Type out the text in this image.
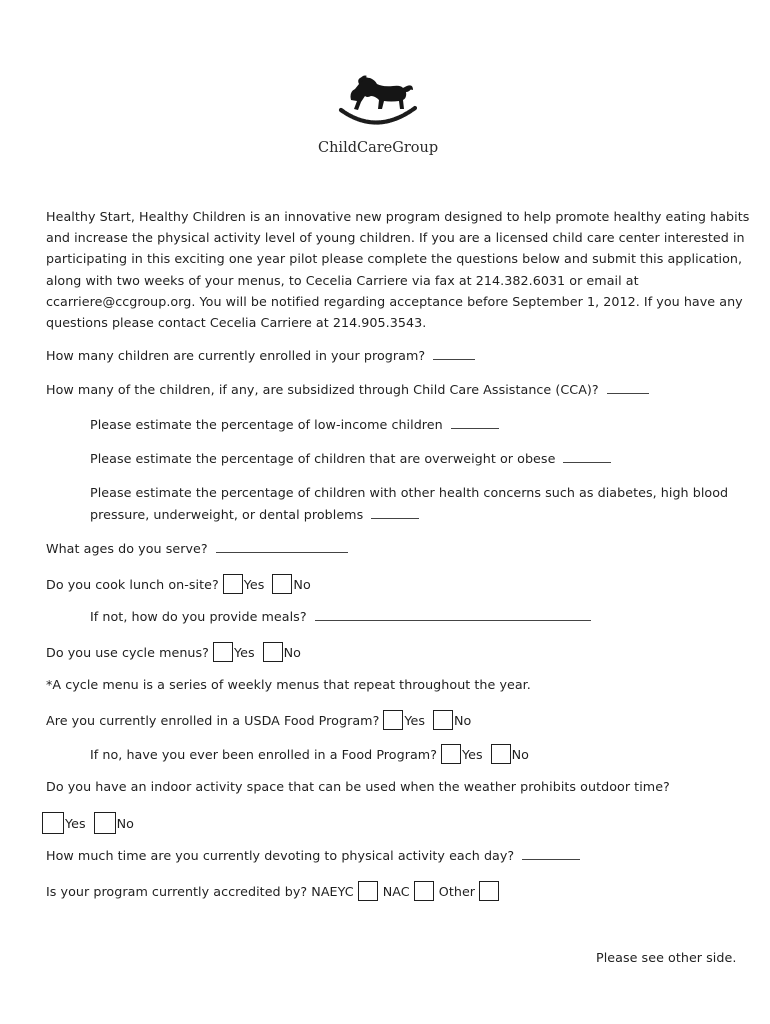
ChildCareGroup

Healthy Start, Healthy Children is an innovative new program designed to help promote healthy eating habits
and increase the physical activity level of young children. If you are a licensed child care center interested in
participating in this exciting one year pilot please complete the questions below and submit this application,
along with two weeks of your menus, to Cecelia Carriere via fax at 214.382.6031 or email at
ccarriere@ccgroup.org. You will be notified regarding acceptance before September 1, 2012. If you have any
questions please contact Cecelia Carriere at 214.905.3543.

How many children are currently enrolled in your program?
How many of the children, if any, are subsidized through Child Care Assistance (CCA)?
Please estimate the percentage of low-income children
Please estimate the percentage of children that are overweight or obese
Please estimate the percentage of children with other health concerns such as diabetes, high blood
pressure, underweight, or dental problems
What ages do you serve?
Do you cook lunch on-site? Yes No
If not, how do you provide meals?
Do you use cycle menus? Yes No
*A cycle menu is a series of weekly menus that repeat throughout the year.
Are you currently enrolled in a USDA Food Program? Yes No
If no, have you ever been enrolled in a Food Program? Yes No
Do you have an indoor activity space that can be used when the weather prohibits outdoor time?
Yes No
How much time are you currently devoting to physical activity each day?
Is your program currently accredited by? NAEYC NAC Other
Please see other side.
